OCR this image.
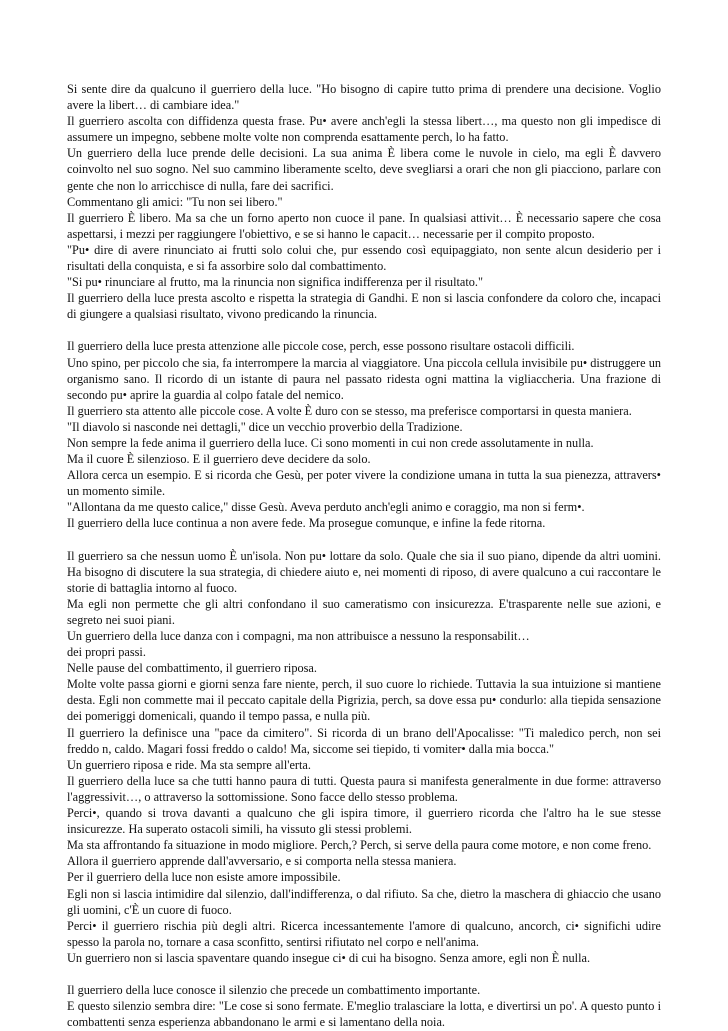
Si sente dire da qualcuno il guerriero della luce. "Ho bisogno di capire tutto prima di prendere una decisione. Voglio avere la libert… di cambiare idea."

Il guerriero ascolta con diffidenza questa frase. Pu• avere anch'egli la stessa libert…, ma questo non gli impedisce di assumere un impegno, sebbene molte volte non comprenda esattamente perch, lo ha fatto.

Un guerriero della luce prende delle decisioni. La sua anima È libera come le nuvole in cielo, ma egli È davvero coinvolto nel suo sogno. Nel suo cammino liberamente scelto, deve svegliarsi a orari che non gli piacciono, parlare con gente che non lo arricchisce di nulla, fare dei sacrifici.

Commentano gli amici: "Tu non sei libero."

Il guerriero È libero. Ma sa che un forno aperto non cuoce il pane. In qualsiasi attivit… È necessario sapere che cosa aspettarsi, i mezzi per raggiungere l'obiettivo, e se si hanno le capacit… necessarie per il compito proposto.

"Pu• dire di avere rinunciato ai frutti solo colui che, pur essendo così equipaggiato, non sente alcun desiderio per i risultati della conquista, e si fa assorbire solo dal combattimento.

"Si pu• rinunciare al frutto, ma la rinuncia non significa indifferenza per il risultato."

Il guerriero della luce presta ascolto e rispetta la strategia di Gandhi. E non si lascia confondere da coloro che, incapaci di giungere a qualsiasi risultato, vivono predicando la rinuncia.

Il guerriero della luce presta attenzione alle piccole cose, perch, esse possono risultare ostacoli difficili.

Uno spino, per piccolo che sia, fa interrompere la marcia al viaggiatore. Una piccola cellula invisibile pu• distruggere un organismo sano. Il ricordo di un istante di paura nel passato ridesta ogni mattina la vigliaccheria. Una frazione di secondo pu• aprire la guardia al colpo fatale del nemico.

Il guerriero sta attento alle piccole cose. A volte È duro con se stesso, ma preferisce comportarsi in questa maniera.

"Il diavolo si nasconde nei dettagli," dice un vecchio proverbio della Tradizione.

Non sempre la fede anima il guerriero della luce. Ci sono momenti in cui non crede assolutamente in nulla.

Ma il cuore È silenzioso. E il guerriero deve decidere da solo.

Allora cerca un esempio. E si ricorda che Gesù, per poter vivere la condizione umana in tutta la sua pienezza, attravers• un momento simile.

"Allontana da me questo calice," disse Gesù. Aveva perduto anch'egli animo e coraggio, ma non si ferm•.

Il guerriero della luce continua a non avere fede. Ma prosegue comunque, e infine la fede ritorna.

Il guerriero sa che nessun uomo È un'isola. Non pu• lottare da solo. Quale che sia il suo piano, dipende da altri uomini. Ha bisogno di discutere la sua strategia, di chiedere aiuto e, nei momenti di riposo, di avere qualcuno a cui raccontare le storie di battaglia intorno al fuoco.

Ma egli non permette che gli altri confondano il suo cameratismo con insicurezza. E'trasparente nelle sue azioni, e segreto nei suoi piani.

Un guerriero della luce danza con i compagni, ma non attribuisce a nessuno la responsabilit…

dei propri passi.

Nelle pause del combattimento, il guerriero riposa.

Molte volte passa giorni e giorni senza fare niente, perch, il suo cuore lo richiede. Tuttavia la sua intuizione si mantiene desta. Egli non commette mai il peccato capitale della Pigrizia, perch, sa dove essa pu• condurlo: alla tiepida sensazione dei pomeriggi domenicali, quando il tempo passa, e nulla più.

Il guerriero la definisce una "pace da cimitero". Si ricorda di un brano dell'Apocalisse: "Ti maledico perch, non sei freddo n, caldo. Magari fossi freddo o caldo! Ma, siccome sei tiepido, ti vomiter• dalla mia bocca."

Un guerriero riposa e ride. Ma sta sempre all'erta.

Il guerriero della luce sa che tutti hanno paura di tutti. Questa paura si manifesta generalmente in due forme: attraverso l'aggressivit…, o attraverso la sottomissione. Sono facce dello stesso problema.

Perci•, quando si trova davanti a qualcuno che gli ispira timore, il guerriero ricorda che l'altro ha le sue stesse insicurezze. Ha superato ostacoli simili, ha vissuto gli stessi problemi.

Ma sta affrontando fa situazione in modo migliore. Perch,? Perch, si serve della paura come motore, e non come freno.

Allora il guerriero apprende dall'avversario, e si comporta nella stessa maniera.

Per il guerriero della luce non esiste amore impossibile.

Egli non si lascia intimidire dal silenzio, dall'indifferenza, o dal rifiuto. Sa che, dietro la maschera di ghiaccio che usano gli uomini, c'È un cuore di fuoco.

Perci• il guerriero rischia più degli altri. Ricerca incessantemente l'amore di qualcuno, ancorch, ci• significhi udire spesso la parola no, tornare a casa sconfitto, sentirsi rifiutato nel corpo e nell'anima.

Un guerriero non si lascia spaventare quando insegue ci• di cui ha bisogno. Senza amore, egli non È nulla.

Il guerriero della luce conosce il silenzio che precede un combattimento importante.

E questo silenzio sembra dire: "Le cose si sono fermate. E'meglio tralasciare la lotta, e divertirsi un po'. A questo punto i combattenti senza esperienza abbandonano le armi e si lamentano della noia.
